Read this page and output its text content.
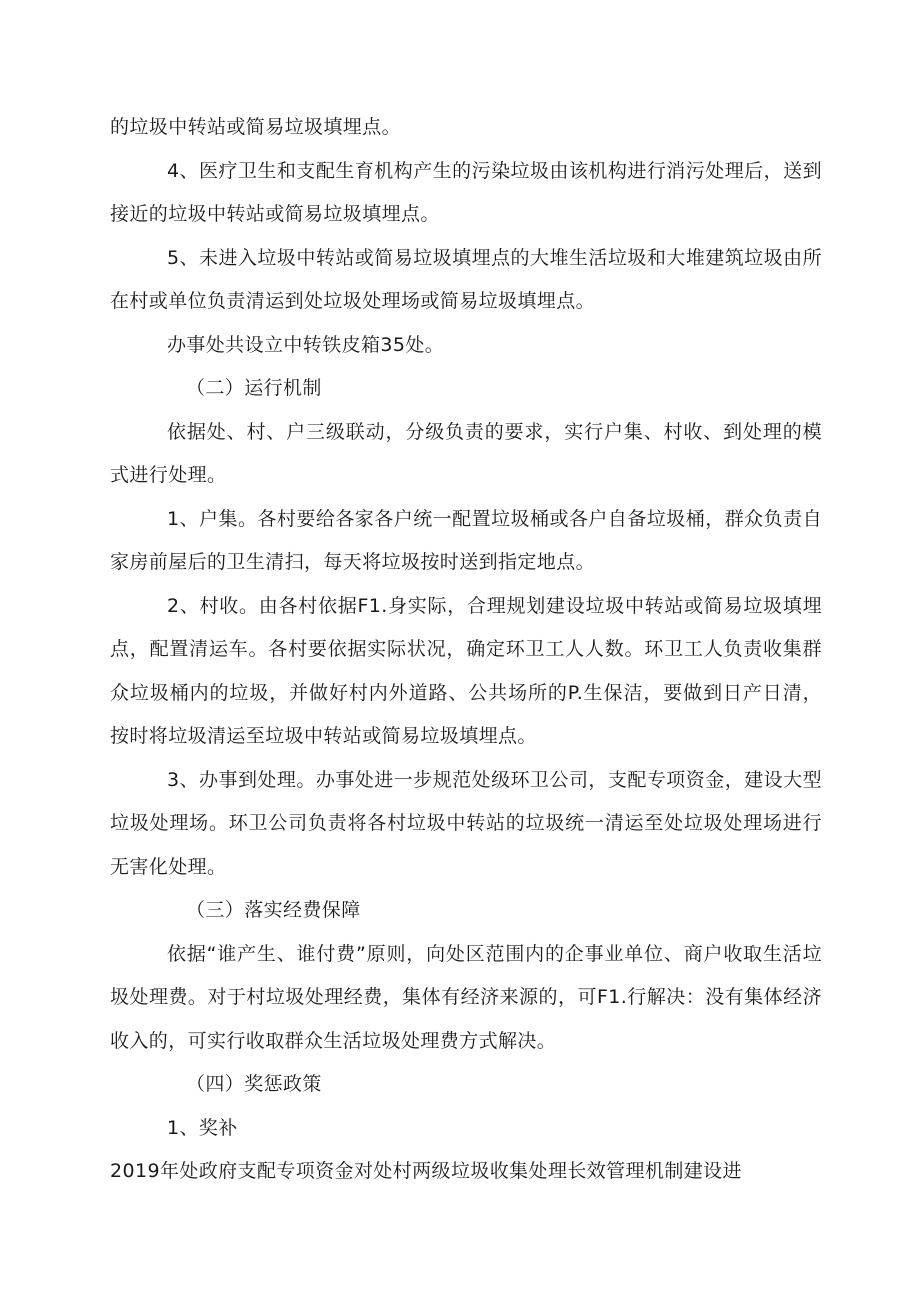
的垃圾中转站或简易垃圾填埋点。

4、医疗卫生和支配生育机构产生的污染垃圾由该机构进行消污处理后，送到接近的垃圾中转站或简易垃圾填埋点。

5、未进入垃圾中转站或简易垃圾填埋点的大堆生活垃圾和大堆建筑垃圾由所在村或单位负责清运到处垃圾处理场或简易垃圾填埋点。

办事处共设立中转铁皮箱35处。

（二）运行机制

依据处、村、户三级联动，分级负责的要求，实行户集、村收、到处理的模式进行处理。

1、户集。各村要给各家各户统一配置垃圾桶或各户自备垃圾桶，群众负责自家房前屋后的卫生清扫，每天将垃圾按时送到指定地点。

2、村收。由各村依据F1.身实际，合理规划建设垃圾中转站或简易垃圾填埋点，配置清运车。各村要依据实际状况，确定环卫工人人数。环卫工人负责收集群众垃圾桶内的垃圾，并做好村内外道路、公共场所的P.生保洁，要做到日产日清，按时将垃圾清运至垃圾中转站或简易垃圾填埋点。

3、办事到处理。办事处进一步规范处级环卫公司，支配专项资金，建设大型垃圾处理场。环卫公司负责将各村垃圾中转站的垃圾统一清运至处垃圾处理场进行无害化处理。

（三）落实经费保障

依据“谁产生、谁付费”原则，向处区范围内的企事业单位、商户收取生活垃圾处理费。对于村垃圾处理经费，集体有经济来源的，可F1.行解决：没有集体经济收入的，可实行收取群众生活垃圾处理费方式解决。

（四）奖惩政策

1、奖补

2019年处政府支配专项资金对处村两级垃圾收集处理长效管理机制建设进
